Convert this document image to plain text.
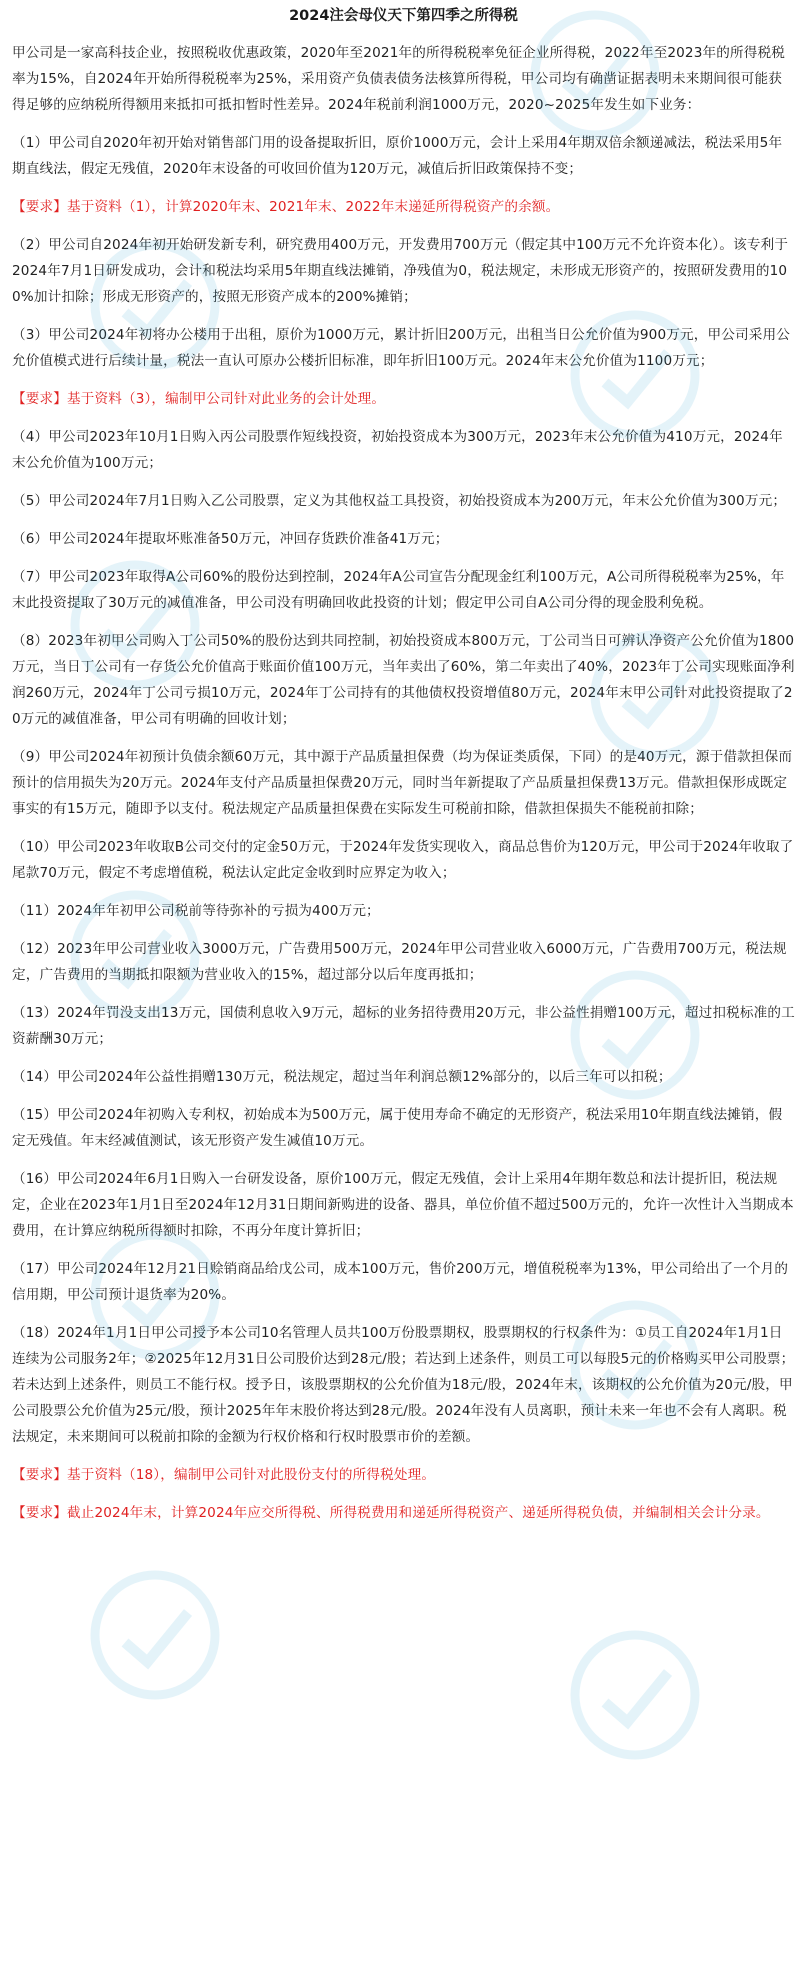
2024注会母仪天下第四季之所得税

甲公司是一家高科技企业，按照税收优惠政策，2020年至2021年的所得税税率免征企业所得税，2022年至2023年的所得税税率为15%，自2024年开始所得税税率为25%，采用资产负债表债务法核算所得税，甲公司均有确凿证据表明未来期间很可能获得足够的应纳税所得额用来抵扣可抵扣暂时性差异。2024年税前利润1000万元，2020~2025年发生如下业务：

（1）甲公司自2020年初开始对销售部门用的设备提取折旧，原价1000万元，会计上采用4年期双倍余额递减法，税法采用5年期直线法，假定无残值，2020年末设备的可收回价值为120万元，减值后折旧政策保持不变；

【要求】基于资料（1），计算2020年末、2021年末、2022年末递延所得税资产的余额。

（2）甲公司自2024年初开始研发新专利，研究费用400万元，开发费用700万元（假定其中100万元不允许资本化）。该专利于2024年7月1日研发成功，会计和税法均采用5年期直线法摊销，净残值为0，税法规定，未形成无形资产的，按照研发费用的100%加计扣除；形成无形资产的，按照无形资产成本的200%摊销；

（3）甲公司2024年初将办公楼用于出租，原价为1000万元，累计折旧200万元，出租当日公允价值为900万元，甲公司采用公允价值模式进行后续计量，税法一直认可原办公楼折旧标准，即年折旧100万元。2024年末公允价值为1100万元；

【要求】基于资料（3），编制甲公司针对此业务的会计处理。

（4）甲公司2023年10月1日购入丙公司股票作短线投资，初始投资成本为300万元，2023年末公允价值为410万元，2024年末公允价值为100万元；

（5）甲公司2024年7月1日购入乙公司股票，定义为其他权益工具投资，初始投资成本为200万元，年末公允价值为300万元；

（6）甲公司2024年提取坏账准备50万元，冲回存货跌价准备41万元；

（7）甲公司2023年取得A公司60%的股份达到控制，2024年A公司宣告分配现金红利100万元，A公司所得税税率为25%，年末此投资提取了30万元的减值准备，甲公司没有明确回收此投资的计划；假定甲公司自A公司分得的现金股利免税。

（8）2023年初甲公司购入丁公司50%的股份达到共同控制，初始投资成本800万元，丁公司当日可辨认净资产公允价值为1800万元，当日丁公司有一存货公允价值高于账面价值100万元，当年卖出了60%，第二年卖出了40%，2023年丁公司实现账面净利润260万元，2024年丁公司亏损10万元，2024年丁公司持有的其他债权投资增值80万元，2024年末甲公司针对此投资提取了20万元的减值准备，甲公司有明确的回收计划；

（9）甲公司2024年初预计负债余额60万元，其中源于产品质量担保费（均为保证类质保，下同）的是40万元，源于借款担保而预计的信用损失为20万元。2024年支付产品质量担保费20万元，同时当年新提取了产品质量担保费13万元。借款担保形成既定事实的有15万元，随即予以支付。税法规定产品质量担保费在实际发生可税前扣除，借款担保损失不能税前扣除；

（10）甲公司2023年收取B公司交付的定金50万元，于2024年发货实现收入，商品总售价为120万元，甲公司于2024年收取了尾款70万元，假定不考虑增值税，税法认定此定金收到时应界定为收入；

（11）2024年年初甲公司税前等待弥补的亏损为400万元；

（12）2023年甲公司营业收入3000万元，广告费用500万元，2024年甲公司营业收入6000万元，广告费用700万元，税法规定，广告费用的当期抵扣限额为营业收入的15%，超过部分以后年度再抵扣；

（13）2024年罚没支出13万元，国债利息收入9万元，超标的业务招待费用20万元，非公益性捐赠100万元，超过扣税标准的工资薪酬30万元；

（14）甲公司2024年公益性捐赠130万元，税法规定，超过当年利润总额12%部分的，以后三年可以扣税；

（15）甲公司2024年初购入专利权，初始成本为500万元，属于使用寿命不确定的无形资产，税法采用10年期直线法摊销，假定无残值。年末经减值测试，该无形资产发生减值10万元。

（16）甲公司2024年6月1日购入一台研发设备，原价100万元，假定无残值，会计上采用4年期年数总和法计提折旧，税法规定，企业在2023年1月1日至2024年12月31日期间新购进的设备、器具，单位价值不超过500万元的，允许一次性计入当期成本费用，在计算应纳税所得额时扣除，不再分年度计算折旧；

（17）甲公司2024年12月21日赊销商品给戊公司，成本100万元，售价200万元，增值税税率为13%，甲公司给出了一个月的信用期，甲公司预计退货率为20%。

（18）2024年1月1日甲公司授予本公司10名管理人员共100万份股票期权，股票期权的行权条件为：①员工自2024年1月1日连续为公司服务2年；②2025年12月31日公司股价达到28元/股；若达到上述条件，则员工可以每股5元的价格购买甲公司股票；若未达到上述条件，则员工不能行权。授予日，该股票期权的公允价值为18元/股，2024年末，该期权的公允价值为20元/股，甲公司股票公允价值为25元/股，预计2025年年末股价将达到28元/股。2024年没有人员离职，预计未来一年也不会有人离职。税法规定，未来期间可以税前扣除的金额为行权价格和行权时股票市价的差额。

【要求】基于资料（18），编制甲公司针对此股份支付的所得税处理。

【要求】截止2024年末，计算2024年应交所得税、所得税费用和递延所得税资产、递延所得税负债，并编制相关会计分录。
